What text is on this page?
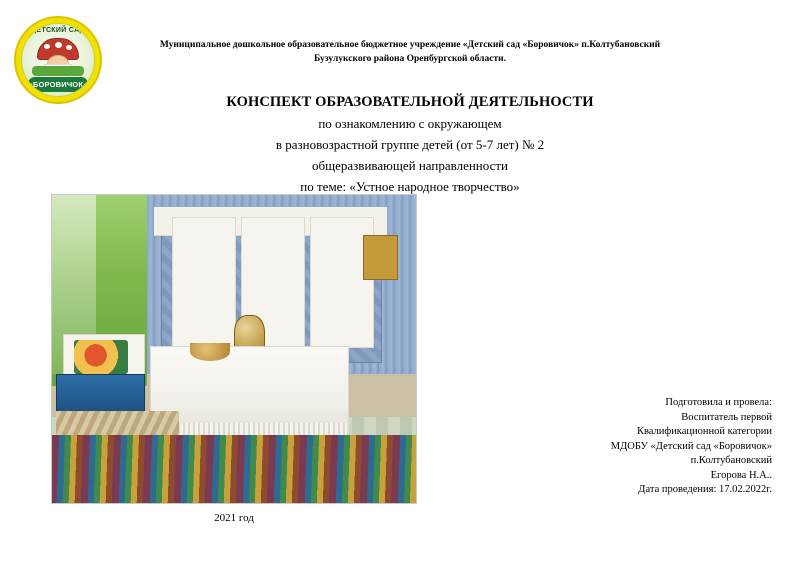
ДЕТСКИЙ САД
«БОРОВИЧОК»
Муниципальное дошкольное образовательное бюджетное учреждение «Детский сад «Боровичок» п.Колтубановский
Бузулукского района Оренбургской области.
КОНСПЕКТ ОБРАЗОВАТЕЛЬНОЙ ДЕЯТЕЛЬНОСТИ
по ознакомлению с окружающем
в разновозрастной группе детей (от 5-7 лет) № 2
общеразвивающей направленности
по теме: «Устное народное творчество»
Подготовила и провела:
Воспитатель первой
Квалификационной категории
МДОБУ «Детский сад «Боровичок»
п.Колтубановский
Егорова Н.А..
Дата проведения: 17.02.2022г.
2021 год
